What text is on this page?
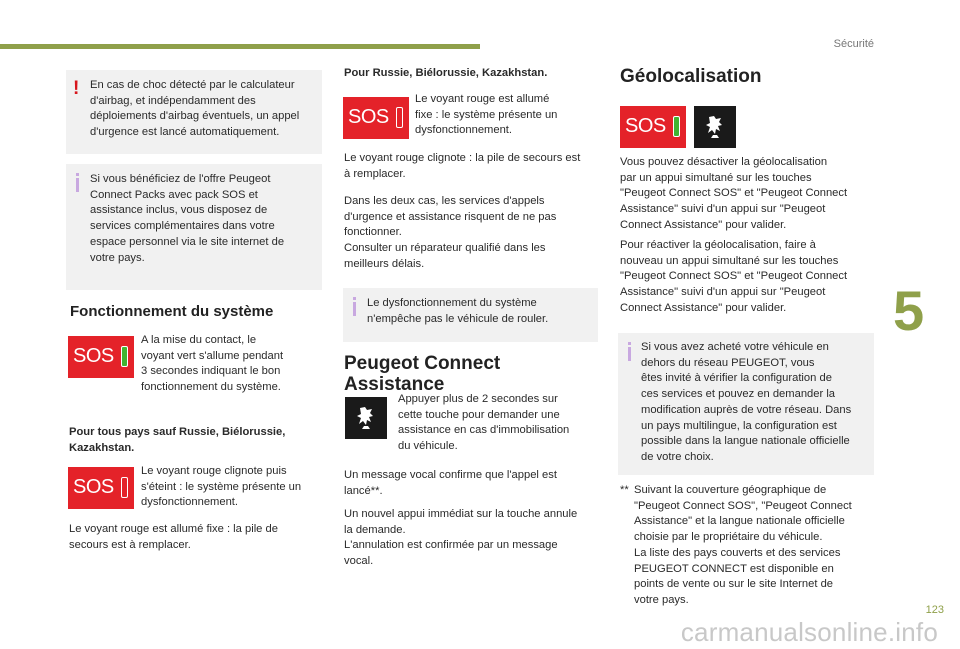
Sécurité
5
123
carmanualsonline.info
! En cas de choc détecté par le calculateur
d'airbag, et indépendamment des
déploiements d'airbag éventuels, un appel
d'urgence est lancé automatiquement.
Si vous bénéficiez de l'offre Peugeot
Connect Packs avec pack SOS et
assistance inclus, vous disposez de
services complémentaires dans votre
espace personnel via le site internet de
votre pays.
Fonctionnement du système
SOS
A la mise du contact, le
voyant vert s'allume pendant
3 secondes indiquant le bon
fonctionnement du système.
Pour tous pays sauf Russie, Biélorussie,
Kazakhstan.
SOS
Le voyant rouge clignote puis
s'éteint : le système présente un
dysfonctionnement.
Le voyant rouge est allumé fixe : la pile de
secours est à remplacer.
Pour Russie, Biélorussie, Kazakhstan.
SOS
Le voyant rouge est allumé
fixe : le système présente un
dysfonctionnement.
Le voyant rouge clignote : la pile de secours est
à remplacer.
Dans les deux cas, les services d'appels
d'urgence et assistance risquent de ne pas
fonctionner.
Consulter un réparateur qualifié dans les
meilleurs délais.
Le dysfonctionnement du système
n'empêche pas le véhicule de rouler.
Peugeot Connect
Assistance
Appuyer plus de 2 secondes sur
cette touche pour demander une
assistance en cas d'immobilisation
du véhicule.
Un message vocal confirme que l'appel est
lancé**.
Un nouvel appui immédiat sur la touche annule
la demande.
L'annulation est confirmée par un message
vocal.
Géolocalisation
SOS
Vous pouvez désactiver la géolocalisation
par un appui simultané sur les touches
"Peugeot Connect SOS" et "Peugeot Connect
Assistance" suivi d'un appui sur "Peugeot
Connect Assistance" pour valider.
Pour réactiver la géolocalisation, faire à
nouveau un appui simultané sur les touches
"Peugeot Connect SOS" et "Peugeot Connect
Assistance" suivi d'un appui sur "Peugeot
Connect Assistance" pour valider.
Si vous avez acheté votre véhicule en
dehors du réseau PEUGEOT, vous
êtes invité à vérifier la configuration de
ces services et pouvez en demander la
modification auprès de votre réseau. Dans
un pays multilingue, la configuration est
possible dans la langue nationale officielle
de votre choix.
** Suivant la couverture géographique de
"Peugeot Connect SOS", "Peugeot Connect
Assistance" et la langue nationale officielle
choisie par le propriétaire du véhicule.
La liste des pays couverts et des services
PEUGEOT CONNECT est disponible en
points de vente ou sur le site Internet de
votre pays.
